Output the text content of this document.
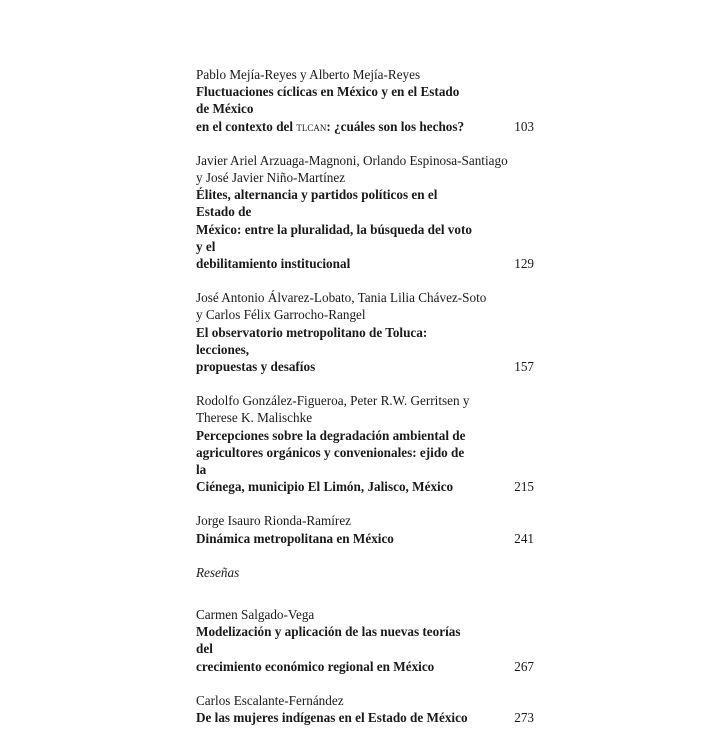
Pablo Mejía-Reyes y Alberto Mejía-Reyes
Fluctuaciones cíclicas en México y en el Estado de México
en el contexto del tlcan: ¿cuáles son los hechos?	103
Javier Ariel Arzuaga-Magnoni, Orlando Espinosa-Santiago
y José Javier Niño-Martínez
Élites, alternancia y partidos políticos en el Estado de
México: entre la pluralidad, la búsqueda del voto y el
debilitamiento institucional	129
José Antonio Álvarez-Lobato, Tania Lilia Chávez-Soto
y Carlos Félix Garrocho-Rangel
El observatorio metropolitano de Toluca: lecciones,
propuestas y desafíos	157
Rodolfo González-Figueroa, Peter R.W. Gerritsen y
Therese K. Malischke
Percepciones sobre la degradación ambiental de
agricultores orgánicos y convenionales: ejido de la
Ciénega, municipio El Limón, Jalisco, México	215
Jorge Isauro Rionda-Ramírez
Dinámica metropolitana en México	241
Reseñas
Carmen Salgado-Vega
Modelización y aplicación de las nuevas teorías del
crecimiento económico regional en México	267
Carlos Escalante-Fernández
De las mujeres indígenas en el Estado de México	273
